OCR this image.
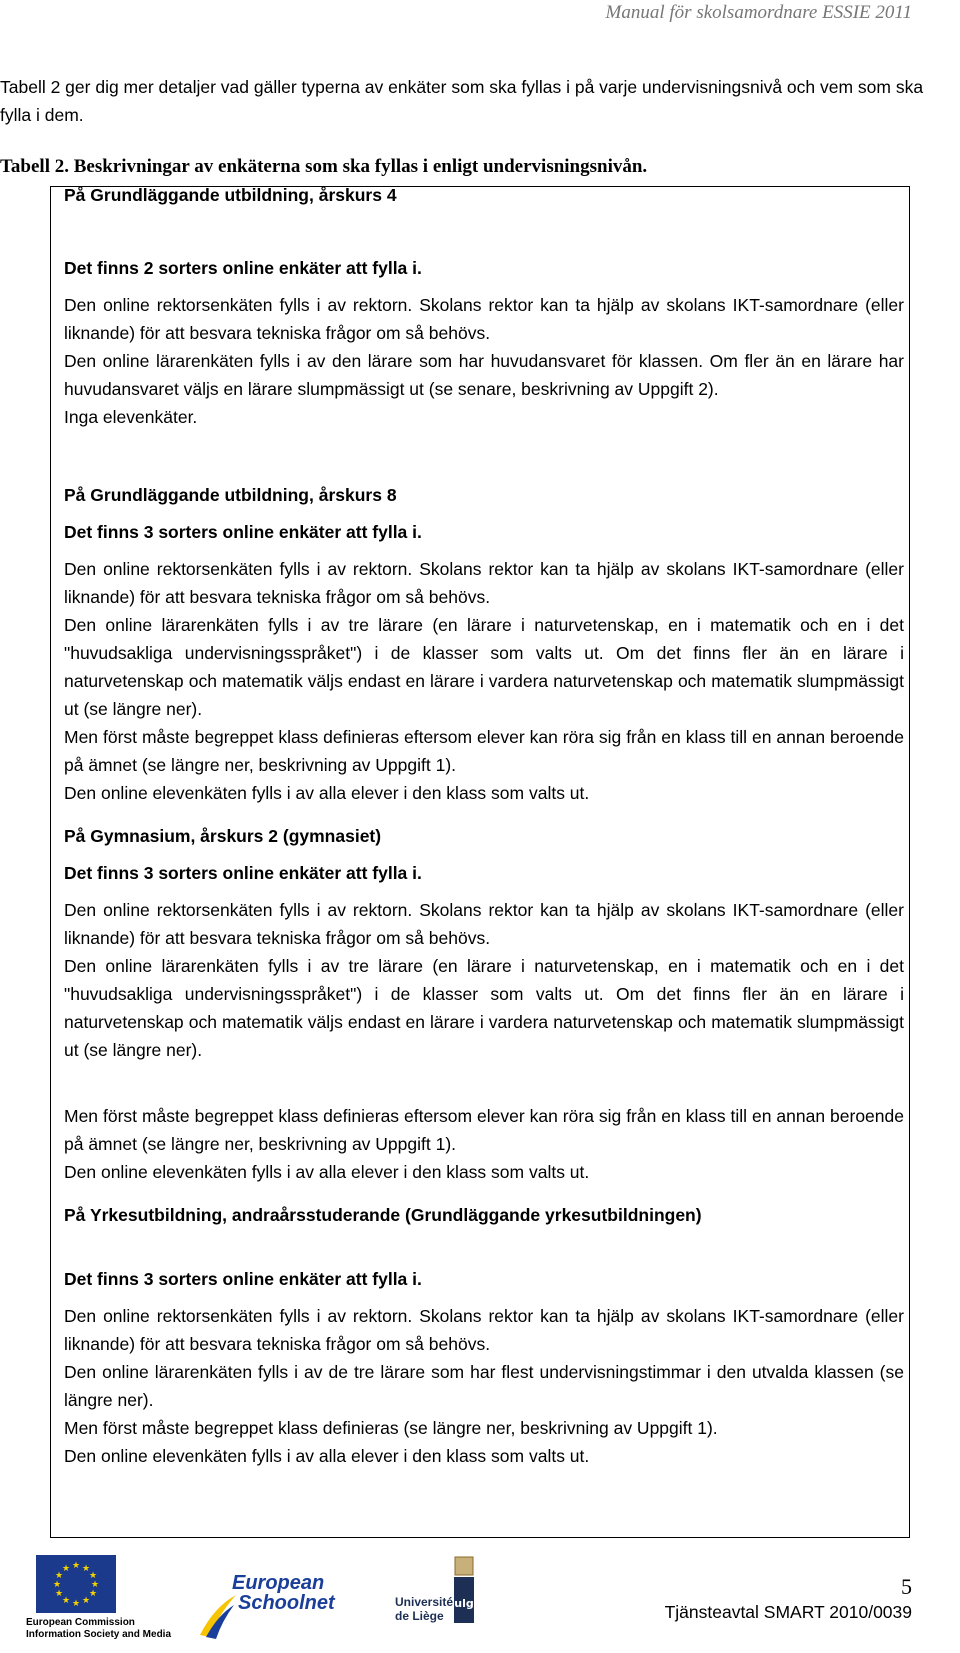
Manual för skolsamordnare ESSIE 2011
Tabell 2 ger dig mer detaljer vad gäller typerna av enkäter som ska fyllas i på varje undervisningsnivå och vem som ska fylla i dem.
Tabell 2. Beskrivningar av enkäterna som ska fyllas i enligt undervisningsnivån.

På Grundläggande utbildning, årskurs 4

Det finns 2 sorters online enkäter att fylla i.

Den online rektorsenkäten fylls i av rektorn. Skolans rektor kan ta hjälp av skolans IKT-samordnare (eller liknande) för att besvara tekniska frågor om så behövs.

Den online lärarenkäten fylls i av den lärare som har huvudansvaret för klassen. Om fler än en lärare har huvudansvaret väljs en lärare slumpmässigt ut (se senare, beskrivning av Uppgift 2).

Inga elevenkäter.

På Grundläggande utbildning, årskurs 8

Det finns 3 sorters online enkäter att fylla i.

Den online rektorsenkäten fylls i av rektorn. Skolans rektor kan ta hjälp av skolans IKT-samordnare (eller liknande) för att besvara tekniska frågor om så behövs.

Den online lärarenkäten fylls i av tre lärare (en lärare i naturvetenskap, en i matematik och en i det "huvudsakliga undervisningsspråket") i de klasser som valts ut. Om det finns fler än en lärare i naturvetenskap och matematik väljs endast en lärare i vardera naturvetenskap och matematik slumpmässigt ut (se längre ner).

Men först måste begreppet klass definieras eftersom elever kan röra sig från en klass till en annan beroende på ämnet (se längre ner, beskrivning av Uppgift 1).

Den online elevenkäten fylls i av alla elever i den klass som valts ut.

På Gymnasium, årskurs 2 (gymnasiet)

Det finns 3 sorters online enkäter att fylla i.

Den online rektorsenkäten fylls i av rektorn. Skolans rektor kan ta hjälp av skolans IKT-samordnare (eller liknande) för att besvara tekniska frågor om så behövs.

Den online lärarenkäten fylls i av tre lärare (en lärare i naturvetenskap, en i matematik och en i det "huvudsakliga undervisningsspråket") i de klasser som valts ut. Om det finns fler än en lärare i naturvetenskap och matematik väljs endast en lärare i vardera naturvetenskap och matematik slumpmässigt ut (se längre ner).

Men först måste begreppet klass definieras eftersom elever kan röra sig från en klass till en annan beroende på ämnet (se längre ner, beskrivning av Uppgift 1).

Den online elevenkäten fylls i av alla elever i den klass som valts ut.

På Yrkesutbildning, andraårsstuderande (Grundläggande yrkesutbildningen)

Det finns 3 sorters online enkäter att fylla i.

Den online rektorsenkäten fylls i av rektorn. Skolans rektor kan ta hjälp av skolans IKT-samordnare (eller liknande) för att besvara tekniska frågor om så behövs.

Den online lärarenkäten fylls i av de tre lärare som har flest undervisningstimmar i den utvalda klassen (se längre ner).

Men först måste begreppet klass definieras (se längre ner, beskrivning av Uppgift 1).

Den online elevenkäten fylls i av alla elever i den klass som valts ut.

★ ★
★
★
★
★
★
★
★
★
★
★
European Commission
Information Society and Media
European
Schoolnet	Université
de Liège
ulg
5
Tjänsteavtal SMART 2010/0039
